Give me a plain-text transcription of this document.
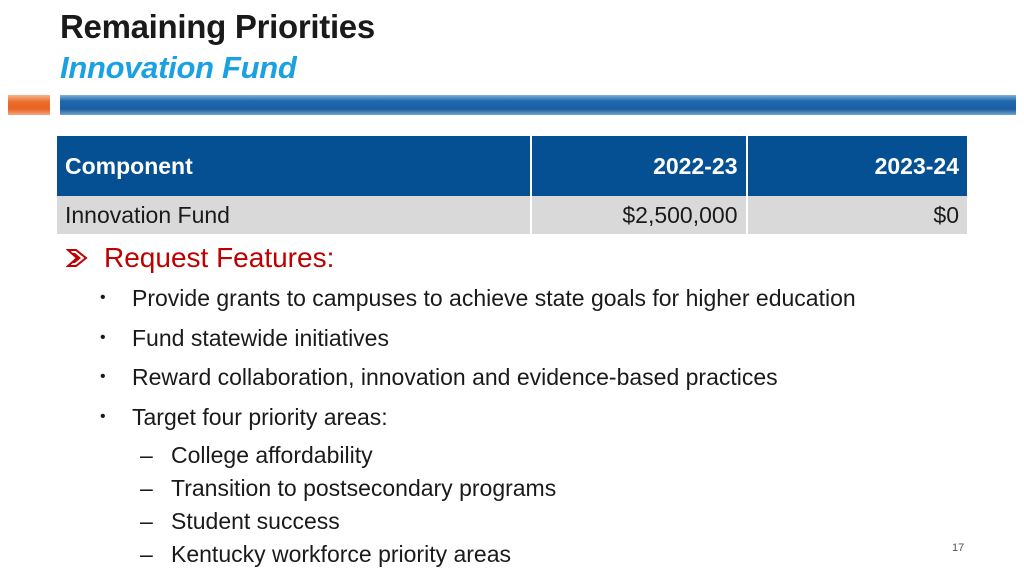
Remaining Priorities
Innovation Fund
Component	2022-23	2023-24
Innovation Fund	$2,500,000	$0
Request Features:
•	Provide grants to campuses to achieve state goals for higher education
•	Fund statewide initiatives
•	Reward collaboration, innovation and evidence-based practices
•	Target four priority areas:
– College affordability
– Transition to postsecondary programs
– Student success
– Kentucky workforce priority areas	17
